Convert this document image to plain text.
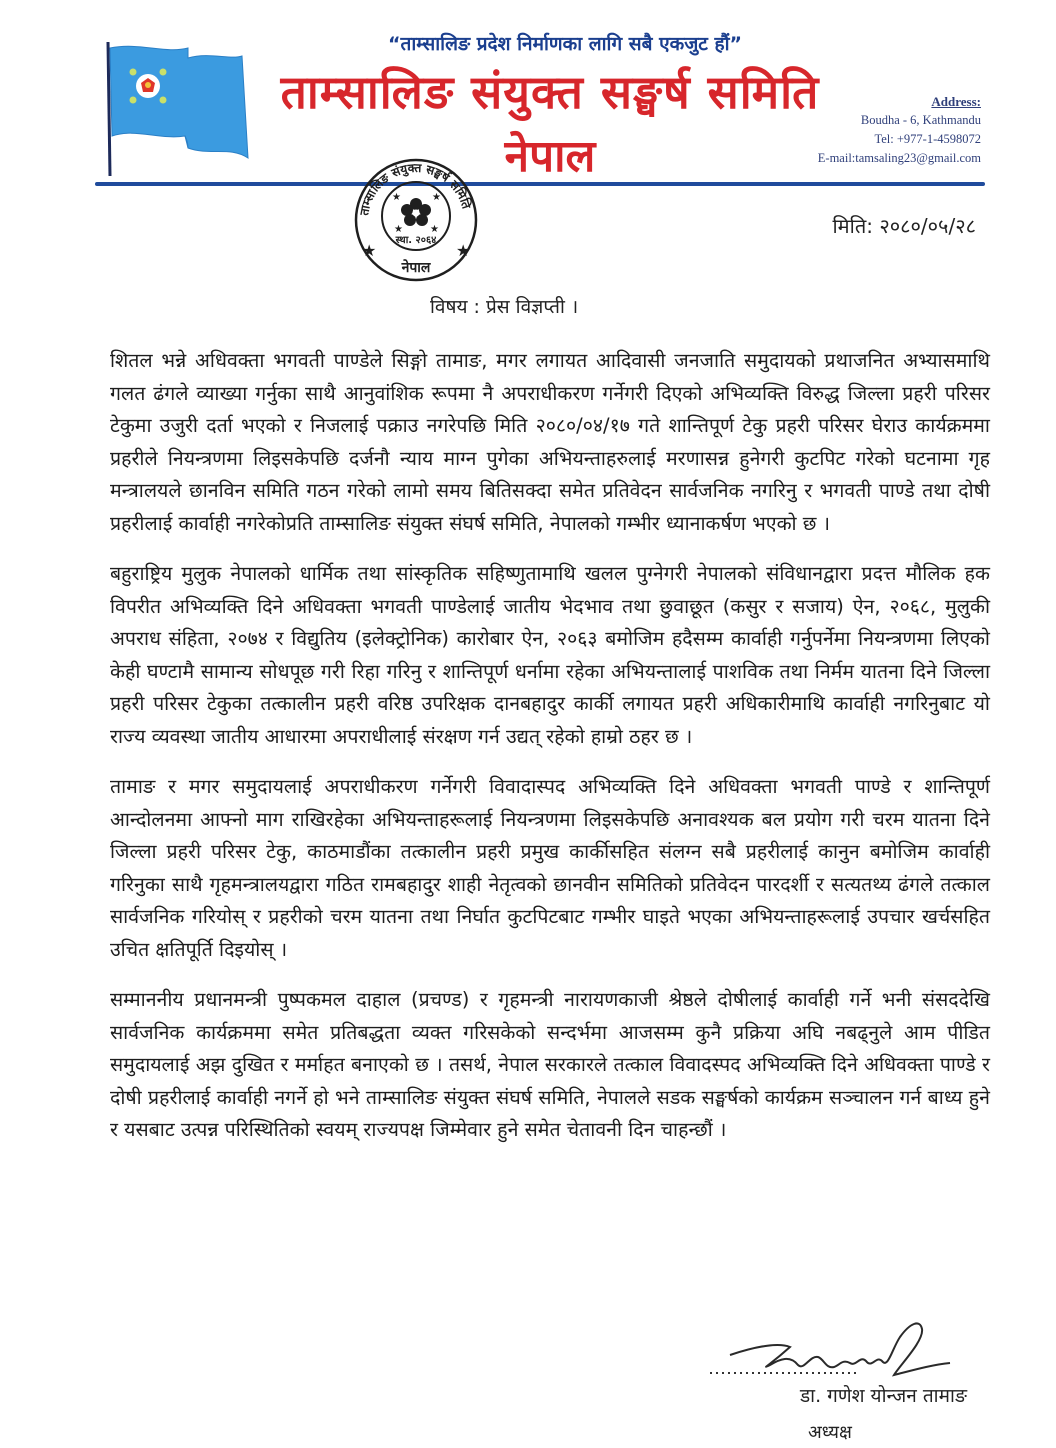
“ताम्सालिङ प्रदेश निर्माणका लागि सबै एकजुट हौं”
ताम्सालिङ संयुक्त सङ्घर्ष समिति
नेपाल
Address:
Boudha - 6, Kathmandu
Tel: +977-1-4598072
E-mail:tamsaling23@gmail.com
ताम्सालिङ संयुक्त सङ्घर्ष समिति
★	★
★	★
★	★
स्था. २०६४
नेपाल
मिति: २०८०/०५/२८
विषय : प्रेस विज्ञप्ती ।

शितल भन्ने अधिवक्ता भगवती पाण्डेले सिङ्गो तामाङ, मगर लगायत आदिवासी जनजाति समुदायको प्रथाजनित अभ्यासमाथि गलत ढंगले व्याख्या गर्नुका साथै आनुवांशिक रूपमा नै अपराधीकरण गर्नेगरी दिएको अभिव्यक्ति विरुद्ध जिल्ला प्रहरी परिसर टेकुमा उजुरी दर्ता भएको र निजलाई पक्राउ नगरेपछि मिति २०८०/०४/१७ गते शान्तिपूर्ण टेकु प्रहरी परिसर घेराउ कार्यक्रममा प्रहरीले नियन्त्रणमा लिइसकेपछि दर्जनौ न्याय माग्न पुगेका अभियन्ताहरुलाई मरणासन्न हुनेगरी कुटपिट गरेको घटनामा गृह मन्त्रालयले छानविन समिति गठन गरेको लामो समय बितिसक्दा समेत प्रतिवेदन सार्वजनिक नगरिनु र भगवती पाण्डे तथा दोषी प्रहरीलाई कार्वाही नगरेकोप्रति ताम्सालिङ संयुक्त संघर्ष समिति, नेपालको गम्भीर ध्यानाकर्षण भएको छ ।

बहुराष्ट्रिय मुलुक नेपालको धार्मिक तथा सांस्कृतिक सहिष्णुतामाथि खलल पुग्नेगरी नेपालको संविधानद्वारा प्रदत्त मौलिक हक विपरीत अभिव्यक्ति दिने अधिवक्ता भगवती पाण्डेलाई जातीय भेदभाव तथा छुवाछूत (कसुर र सजाय) ऐन, २०६८, मुलुकी अपराध संहिता, २०७४ र विद्युतिय (इलेक्ट्रोनिक) कारोबार ऐन, २०६३ बमोजिम हदैसम्म कार्वाही गर्नुपर्नेमा नियन्त्रणमा लिएको केही घण्टामै सामान्य सोधपूछ गरी रिहा गरिनु र शान्तिपूर्ण धर्नामा रहेका अभियन्तालाई पाशविक तथा निर्मम यातना दिने जिल्ला प्रहरी परिसर टेकुका तत्कालीन प्रहरी वरिष्ठ उपरिक्षक दानबहादुर कार्की लगायत प्रहरी अधिकारीमाथि कार्वाही नगरिनुबाट यो राज्य व्यवस्था जातीय आधारमा अपराधीलाई संरक्षण गर्न उद्यत् रहेको हाम्रो ठहर छ ।

तामाङ र मगर समुदायलाई अपराधीकरण गर्नेगरी विवादास्पद अभिव्यक्ति दिने अधिवक्ता भगवती पाण्डे र शान्तिपूर्ण आन्दोलनमा आफ्नो माग राखिरहेका अभियन्ताहरूलाई नियन्त्रणमा लिइसकेपछि अनावश्यक बल प्रयोग गरी चरम यातना दिने जिल्ला प्रहरी परिसर टेकु, काठमाडौंका तत्कालीन प्रहरी प्रमुख कार्कीसहित संलग्न सबै प्रहरीलाई कानुन बमोजिम कार्वाही गरिनुका साथै गृहमन्त्रालयद्वारा गठित रामबहादुर शाही नेतृत्वको छानवीन समितिको प्रतिवेदन पारदर्शी र सत्यतथ्य ढंगले तत्काल सार्वजनिक गरियोस् र प्रहरीको चरम यातना तथा निर्घात कुटपिटबाट गम्भीर घाइते भएका अभियन्ताहरूलाई उपचार खर्चसहित उचित क्षतिपूर्ति दिइयोस् ।

सम्माननीय प्रधानमन्त्री पुष्पकमल दाहाल (प्रचण्ड) र गृहमन्त्री नारायणकाजी श्रेष्ठले दोषीलाई कार्वाही गर्ने भनी संसददेखि सार्वजनिक कार्यक्रममा समेत प्रतिबद्धता व्यक्त गरिसकेको सन्दर्भमा आजसम्म कुनै प्रक्रिया अघि नबढ्नुले आम पीडित समुदायलाई अझ दुखित र मर्माहत बनाएको छ । तसर्थ, नेपाल सरकारले तत्काल विवादस्पद अभिव्यक्ति दिने अधिवक्ता पाण्डे र दोषी प्रहरीलाई कार्वाही नगर्ने हो भने ताम्सालिङ संयुक्त संघर्ष समिति, नेपालले सडक सङ्घर्षको कार्यक्रम सञ्चालन गर्न बाध्य हुने र यसबाट उत्पन्न परिस्थितिको स्वयम् राज्यपक्ष जिम्मेवार हुने समेत चेतावनी दिन चाहन्छौं ।

डा. गणेश योन्जन तामाङ
अध्यक्ष
